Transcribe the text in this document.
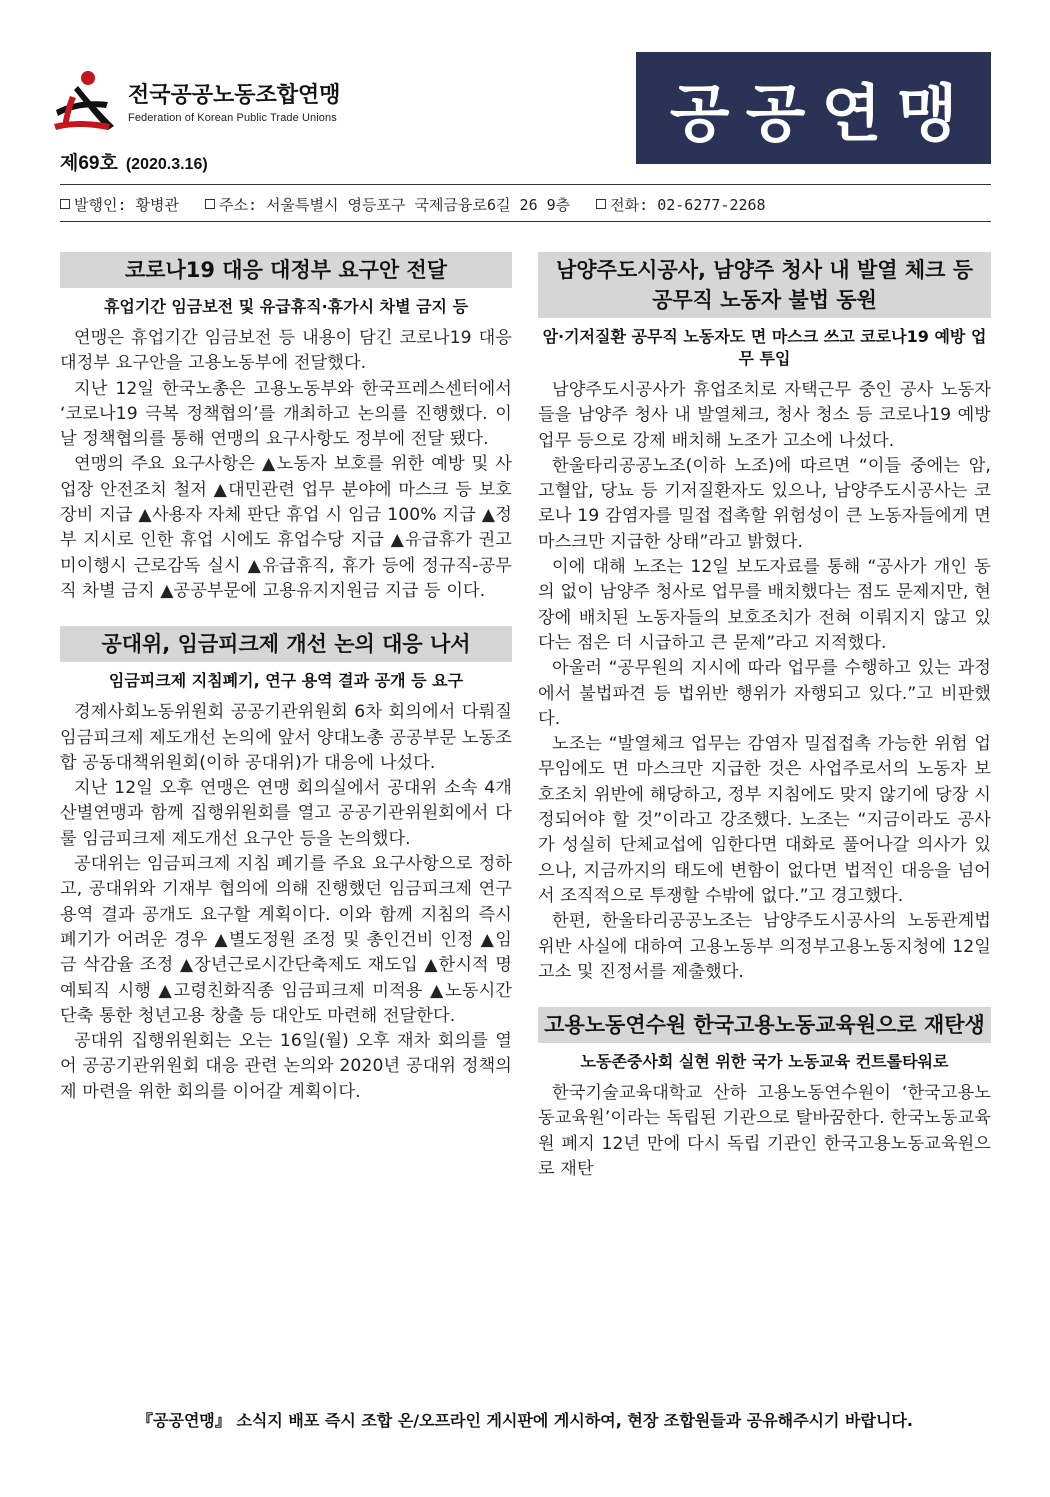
전국공공노동조합연맹
Federation of Korean Public Trade Unions
제69호 (2020.3.16)
공공연맹
발행인: 황병관	주소: 서울특별시 영등포구 국제금융로6길 26 9층	전화: 02-6277-2268
코로나19 대응 대정부 요구안 전달
휴업기간 임금보전 및 유급휴직·휴가시 차별 금지 등

연맹은 휴업기간 임금보전 등 내용이 담긴 코로나19 대응 대정부 요구안을 고용노동부에 전달했다.

지난 12일 한국노총은 고용노동부와 한국프레스센터에서 ‘코로나19 극복 정책협의’를 개최하고 논의를 진행했다. 이날 정책협의를 통해 연맹의 요구사항도 정부에 전달 됐다.

연맹의 주요 요구사항은 ▲노동자 보호를 위한 예방 및 사업장 안전조치 철저 ▲대민관련 업무 분야에 마스크 등 보호장비 지급 ▲사용자 자체 판단 휴업 시 임금 100% 지급 ▲정부 지시로 인한 휴업 시에도 휴업수당 지급 ▲유급휴가 권고 미이행시 근로감독 실시 ▲유급휴직, 휴가 등에 정규직-공무직 차별 금지 ▲공공부문에 고용유지지원금 지급 등 이다.

공대위, 임금피크제 개선 논의 대응 나서
임금피크제 지침폐기, 연구 용역 결과 공개 등 요구

경제사회노동위원회 공공기관위원회 6차 회의에서 다뤄질 임금피크제 제도개선 논의에 앞서 양대노총 공공부문 노동조합 공동대책위원회(이하 공대위)가 대응에 나섰다.

지난 12일 오후 연맹은 연맹 회의실에서 공대위 소속 4개 산별연맹과 함께 집행위원회를 열고 공공기관위원회에서 다룰 임금피크제 제도개선 요구안 등을 논의했다.

공대위는 임금피크제 지침 폐기를 주요 요구사항으로 정하고, 공대위와 기재부 협의에 의해 진행했던 임금피크제 연구용역 결과 공개도 요구할 계획이다. 이와 함께 지침의 즉시 폐기가 어려운 경우 ▲별도정원 조정 및 총인건비 인정 ▲임금 삭감율 조정 ▲장년근로시간단축제도 재도입 ▲한시적 명예퇴직 시행 ▲고령친화직종 임금피크제 미적용 ▲노동시간 단축 통한 청년고용 창출 등 대안도 마련해 전달한다.

공대위 집행위원회는 오는 16일(월) 오후 재차 회의를 열어 공공기관위원회 대응 관련 논의와 2020년 공대위 정책의제 마련을 위한 회의를 이어갈 계획이다.

남양주도시공사, 남양주 청사 내 발열 체크 등 공무직 노동자 불법 동원
암·기저질환 공무직 노동자도 면 마스크 쓰고 코로나19 예방 업무 투입

남양주도시공사가 휴업조치로 자택근무 중인 공사 노동자들을 남양주 청사 내 발열체크, 청사 청소 등 코로나19 예방 업무 등으로 강제 배치해 노조가 고소에 나섰다.

한울타리공공노조(이하 노조)에 따르면 “이들 중에는 암, 고혈압, 당뇨 등 기저질환자도 있으나, 남양주도시공사는 코로나 19 감염자를 밀접 접촉할 위험성이 큰 노동자들에게 면 마스크만 지급한 상태”라고 밝혔다.

이에 대해 노조는 12일 보도자료를 통해 “공사가 개인 동의 없이 남양주 청사로 업무를 배치했다는 점도 문제지만, 현장에 배치된 노동자들의 보호조치가 전혀 이뤄지지 않고 있다는 점은 더 시급하고 큰 문제”라고 지적했다.

아울러 “공무원의 지시에 따라 업무를 수행하고 있는 과정에서 불법파견 등 법위반 행위가 자행되고 있다.”고 비판했다.

노조는 “발열체크 업무는 감염자 밀접접촉 가능한 위험 업무임에도 면 마스크만 지급한 것은 사업주로서의 노동자 보호조치 위반에 해당하고, 정부 지침에도 맞지 않기에 당장 시정되어야 할 것”이라고 강조했다. 노조는 “지금이라도 공사가 성실히 단체교섭에 임한다면 대화로 풀어나갈 의사가 있으나, 지금까지의 태도에 변함이 없다면 법적인 대응을 넘어서 조직적으로 투쟁할 수밖에 없다.”고 경고했다.

한편, 한울타리공공노조는 남양주도시공사의 노동관계법 위반 사실에 대하여 고용노동부 의정부고용노동지청에 12일 고소 및 진정서를 제출했다.

고용노동연수원 한국고용노동교육원으로 재탄생
노동존중사회 실현 위한 국가 노동교육 컨트롤타워로

한국기술교육대학교 산하 고용노동연수원이 ‘한국고용노동교육원’이라는 독립된 기관으로 탈바꿈한다. 한국노동교육원 폐지 12년 만에 다시 독립 기관인 한국고용노동교육원으로 재탄

『공공연맹』 소식지 배포 즉시 조합 온/오프라인 게시판에 게시하여, 현장 조합원들과 공유해주시기 바랍니다.
